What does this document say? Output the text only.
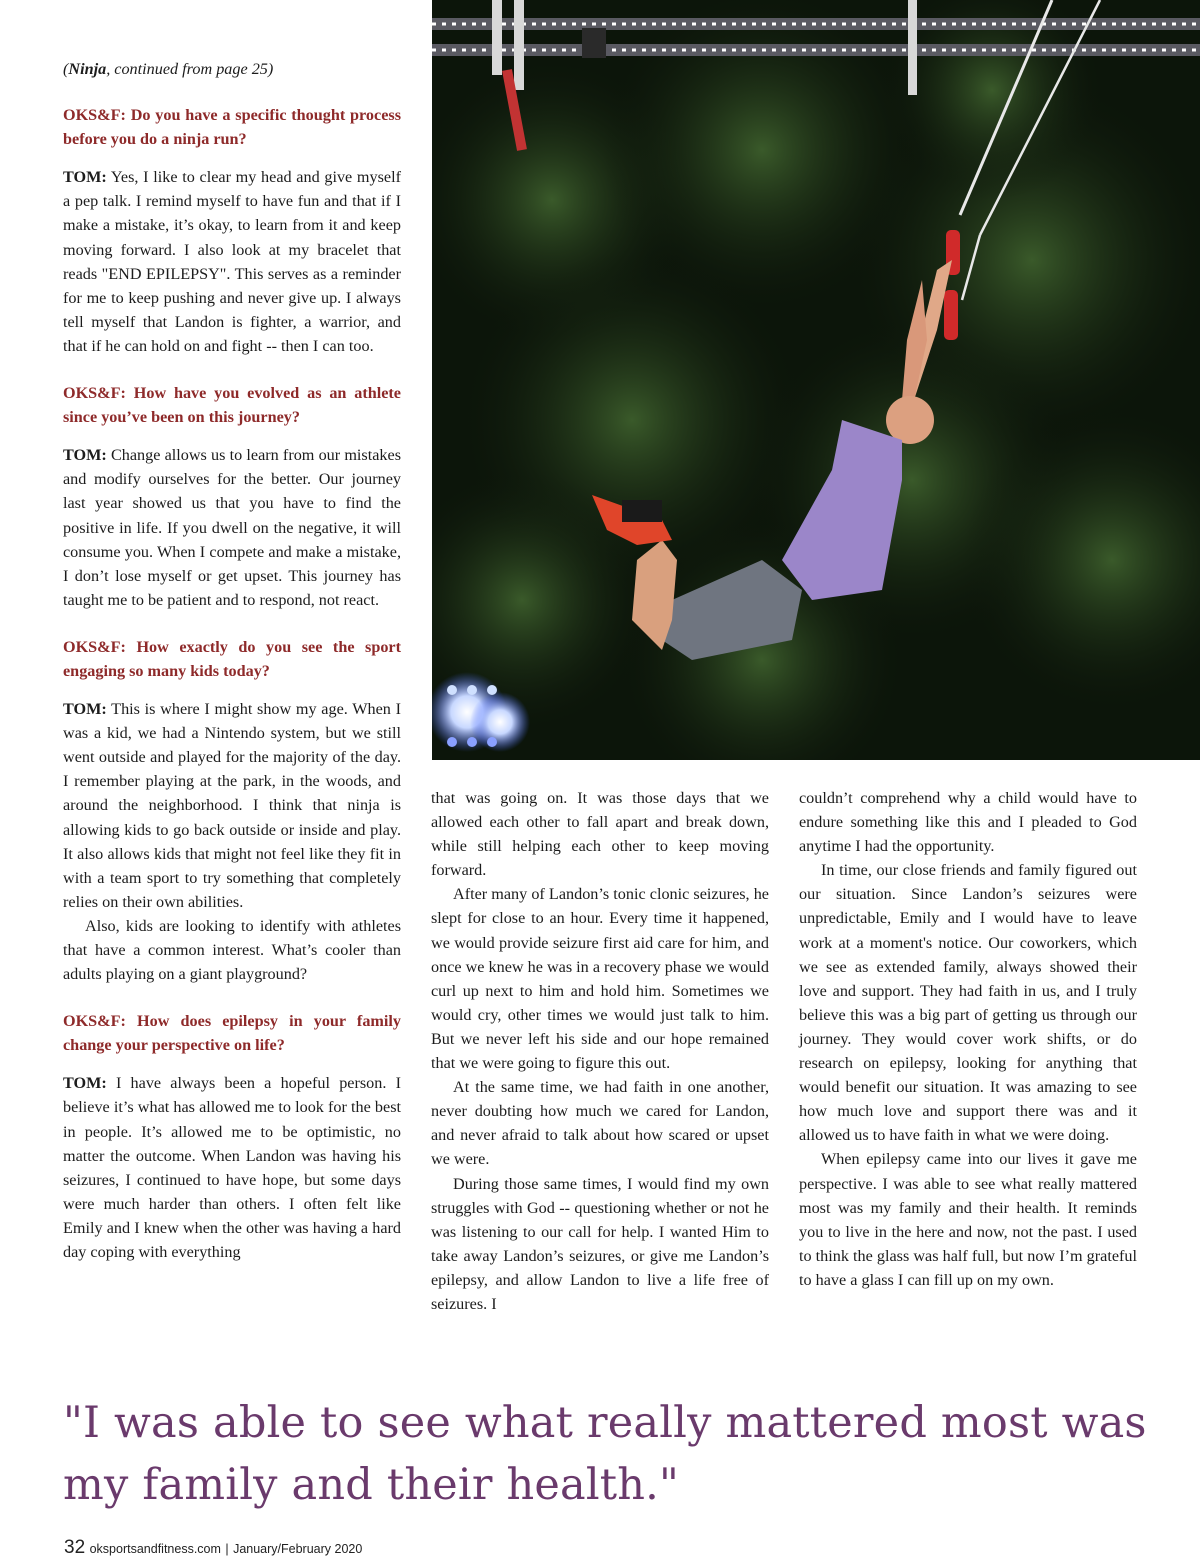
(Ninja, continued from page 25)

OKS&F: Do you have a specific thought process before you do a ninja run?

TOM: Yes, I like to clear my head and give myself a pep talk. I remind myself to have fun and that if I make a mistake, it’s okay, to learn from it and keep moving forward. I also look at my bracelet that reads "END EPILEPSY". This serves as a reminder for me to keep pushing and never give up. I always tell myself that Landon is fighter, a warrior, and that if he can hold on and fight -- then I can too.

OKS&F: How have you evolved as an athlete since you’ve been on this journey?

TOM: Change allows us to learn from our mistakes and modify ourselves for the better. Our journey last year showed us that you have to find the positive in life. If you dwell on the negative, it will consume you. When I compete and make a mistake, I don’t lose myself or get upset. This journey has taught me to be patient and to respond, not react.

OKS&F: How exactly do you see the sport engaging so many kids today?

TOM: This is where I might show my age. When I was a kid, we had a Nintendo system, but we still went outside and played for the majority of the day. I remember playing at the park, in the woods, and around the neighborhood. I think that ninja is allowing kids to go back outside or inside and play. It also allows kids that might not feel like they fit in with a team sport to try something that completely relies on their own abilities.

Also, kids are looking to identify with athletes that have a common interest. What’s cooler than adults playing on a giant playground?

OKS&F: How does epilepsy in your family change your perspective on life?

TOM: I have always been a hopeful person. I believe it’s what has allowed me to look for the best in people. It’s allowed me to be optimistic, no matter the outcome. When Landon was having his seizures, I continued to have hope, but some days were much harder than others. I often felt like Emily and I knew when the other was having a hard day coping with everything

that was going on. It was those days that we allowed each other to fall apart and break down, while still helping each other to keep moving forward.

After many of Landon’s tonic clonic seizures, he slept for close to an hour. Every time it happened, we would provide seizure first aid care for him, and once we knew he was in a recovery phase we would curl up next to him and hold him. Sometimes we would cry, other times we would just talk to him. But we never left his side and our hope remained that we were going to figure this out.

At the same time, we had faith in one another, never doubting how much we cared for Landon, and never afraid to talk about how scared or upset we were.

During those same times, I would find my own struggles with God -- questioning whether or not he was listening to our call for help. I wanted Him to take away Landon’s seizures, or give me Landon’s epilepsy, and allow Landon to live a life free of seizures. I

couldn’t comprehend why a child would have to endure something like this and I pleaded to God anytime I had the opportunity.

In time, our close friends and family figured out our situation. Since Landon’s seizures were unpredictable, Emily and I would have to leave work at a moment's notice. Our coworkers, which we see as extended family, always showed their love and support. They had faith in us, and I truly believe this was a big part of getting us through our journey. They would cover work shifts, or do research on epilepsy, looking for anything that would benefit our situation. It was amazing to see how much love and support there was and it allowed us to have faith in what we were doing.

When epilepsy came into our lives it gave me perspective. I was able to see what really mattered most was my family and their health. It reminds you to live in the here and now, not the past. I used to think the glass was half full, but now I’m grateful to have a glass I can fill up on my own.

"I was able to see what really mattered most was my family and their health."
32 oksportsandfitness.com | January/February 2020
